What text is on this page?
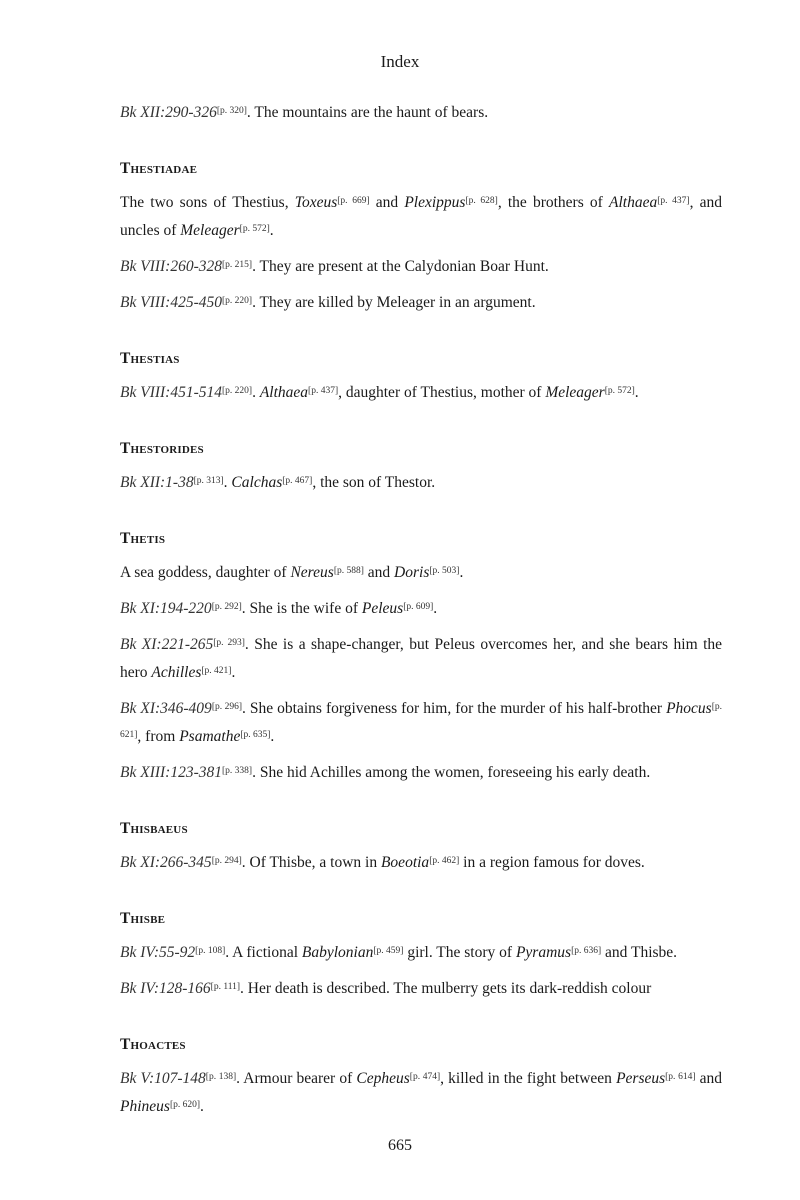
Index

Bk XII:290-326[p. 320]. The mountains are the haunt of bears.

Thestiadae

The two sons of Thestius, Toxeus[p. 669] and Plexippus[p. 628], the brothers of Althaea[p. 437], and uncles of Meleager[p. 572].

Bk VIII:260-328[p. 215]. They are present at the Calydonian Boar Hunt.

Bk VIII:425-450[p. 220]. They are killed by Meleager in an argument.

Thestias

Bk VIII:451-514[p. 220]. Althaea[p. 437], daughter of Thestius, mother of Meleager[p. 572].

Thestorides

Bk XII:1-38[p. 313]. Calchas[p. 467], the son of Thestor.

Thetis

A sea goddess, daughter of Nereus[p. 588] and Doris[p. 503].

Bk XI:194-220[p. 292]. She is the wife of Peleus[p. 609].

Bk XI:221-265[p. 293]. She is a shape-changer, but Peleus overcomes her, and she bears him the hero Achilles[p. 421].

Bk XI:346-409[p. 296]. She obtains forgiveness for him, for the murder of his half-brother Phocus[p. 621], from Psamathe[p. 635].

Bk XIII:123-381[p. 338]. She hid Achilles among the women, foreseeing his early death.

Thisbaeus

Bk XI:266-345[p. 294]. Of Thisbe, a town in Boeotia[p. 462] in a region famous for doves.

Thisbe

Bk IV:55-92[p. 108]. A fictional Babylonian[p. 459] girl. The story of Pyramus[p. 636] and Thisbe.

Bk IV:128-166[p. 111]. Her death is described. The mulberry gets its dark-reddish colour

Thoactes

Bk V:107-148[p. 138]. Armour bearer of Cepheus[p. 474], killed in the fight between Perseus[p. 614] and Phineus[p. 620].

665
